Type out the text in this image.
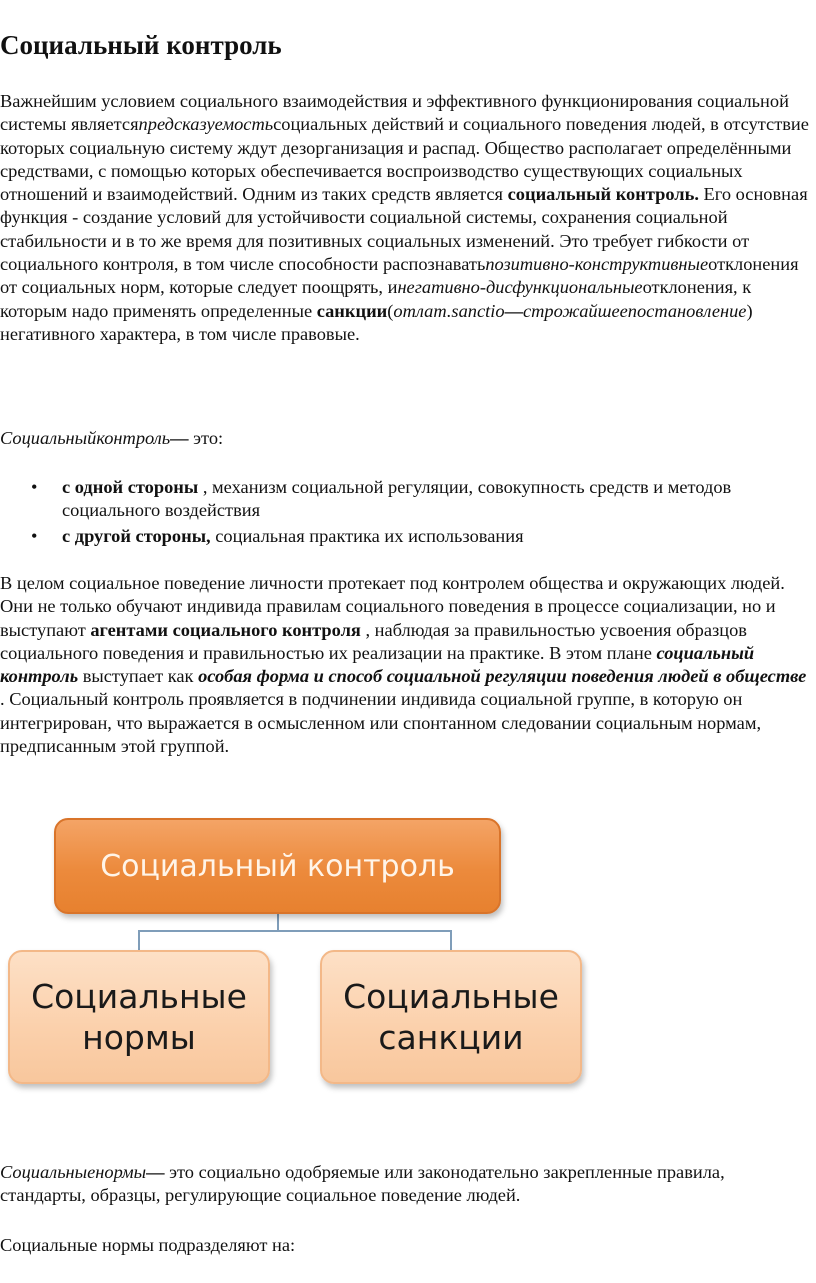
Социальный контроль

Важнейшим условием социального взаимодействия и эффективного функционирования социальной системы являетсяпредсказуемостьсоциальных действий и социального поведения людей, в отсутствие которых социальную систему ждут дезорганизация и распад. Общество располагает определёнными средствами, с помощью которых обеспечивается воспроизводство существующих социальных отношений и взаимодействий. Одним из таких средств является социальный контроль. Его основная функция - создание условий для устойчивости социальной системы, сохранения социальной стабильности и в то же время для позитивных социальных изменений. Это требует гибкости от социального контроля, в том числе способности распознаватьпозитивно-конструктивныеотклонения от социальных норм, которые следует поощрять, инегативно-дисфункциональныеотклонения, к которым надо применять определенные санкции(отлат.sanctio—строжайшеепостановление) негативного характера, в том числе правовые.

Социальныйконтроль— это:

• с одной стороны , механизм социальной регуляции, совокупность средств и методов социального воздействия
• с другой стороны, социальная практика их использования

В целом социальное поведение личности протекает под контролем общества и окружающих людей. Они не только обучают индивида правилам социального поведения в процессе социализации, но и выступают агентами социального контроля , наблюдая за правильностью усвоения образцов социального поведения и правильностью их реализации на практике. В этом плане социальный контроль выступает как особая форма и способ социальной регуляции поведения людей в обществе . Социальный контроль проявляется в подчинении индивида социальной группе, в которую он интегрирован, что выражается в осмысленном или спонтанном следовании социальным нормам, предписанным этой группой.

Социальный контроль
Социальные
нормы
Социальные
санкции

Социальныенормы— это социально одобряемые или законодательно закрепленные правила, стандарты, образцы, регулирующие социальное поведение людей.

Социальные нормы подразделяют на:
